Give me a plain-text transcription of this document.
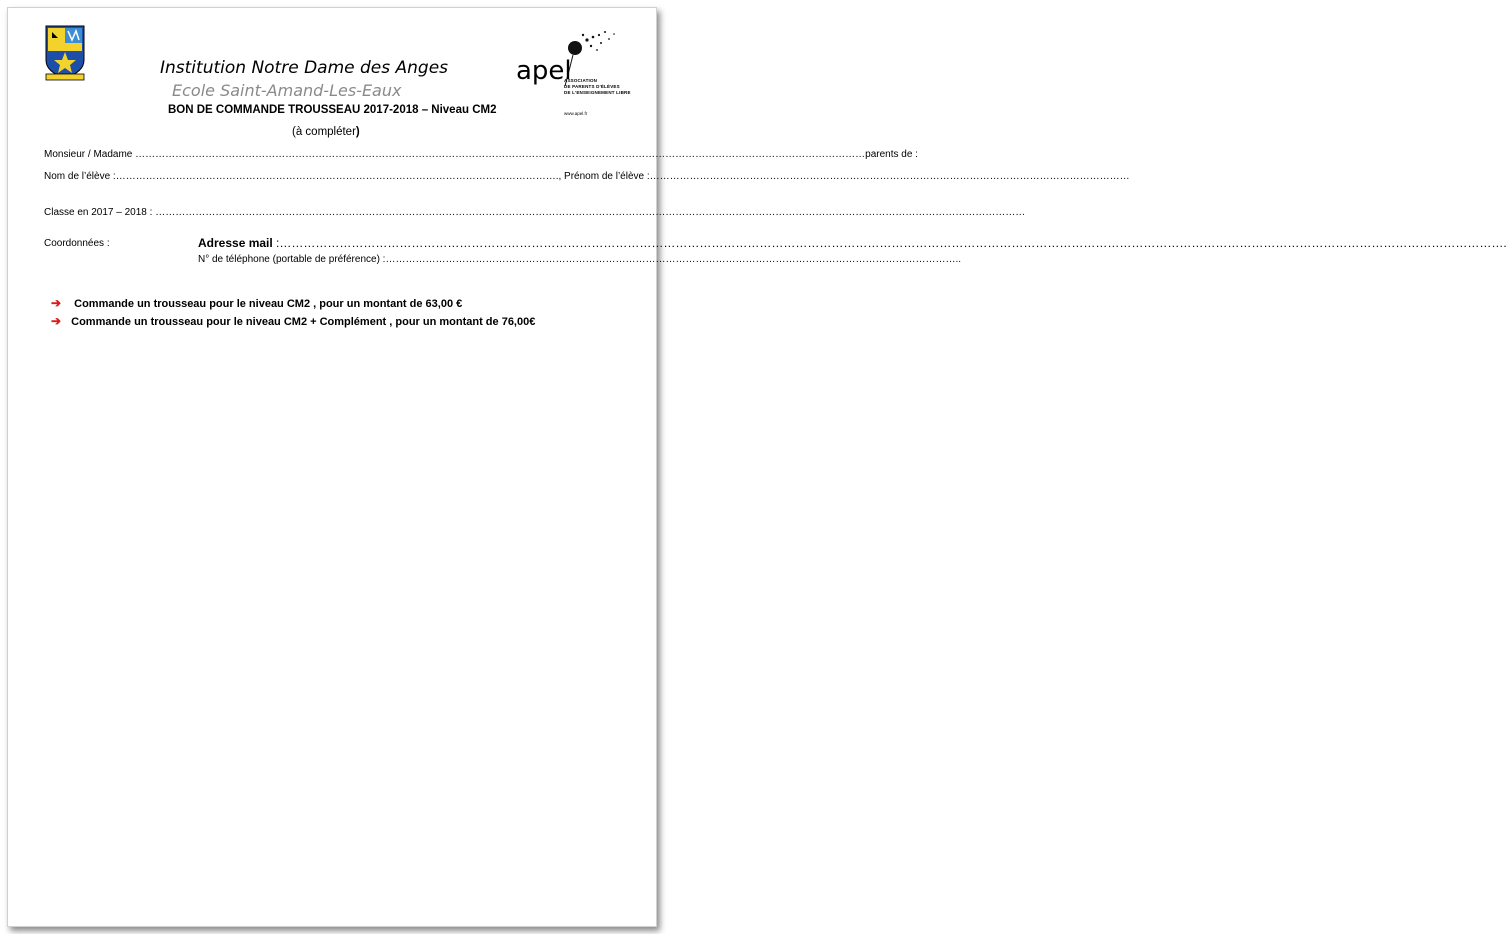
Institution Notre Dame des Anges
Ecole Saint-Amand-Les-Eaux
BON DE COMMANDE TROUSSEAU 2017-2018 – Niveau CM2
(à compléter)
apel
ASSOCIATION
DE PARENTS D'ÉLÈVES
DE L'ENSEIGNEMENT LIBRE
www.apel.fr
Monsieur / Madame …………………………………………………………………………………………………………………………………………………………………………………………………parents de :
Nom de l’élève :……………………………………………………………………………………………………………………., Prénom de l’élève :………………………………………………………………………………………………………………………………
Classe en 2017 – 2018 : ………………………………………………………………………………………………………………………………………………………………………………………………………………………………………
Coordonnées :	Adresse mail :……………………………………………………………………………………………………………………………………………………………………………………………………………………………………………………………………………….
N° de téléphone (portable de préférence) :………………………………………………………………………………………………………………………………………………………..
➔ Commande un trousseau pour le niveau CM2 , pour un montant de 63,00 €
➔ Commande un trousseau pour le niveau CM2 + Complément , pour un montant de 76,00€
